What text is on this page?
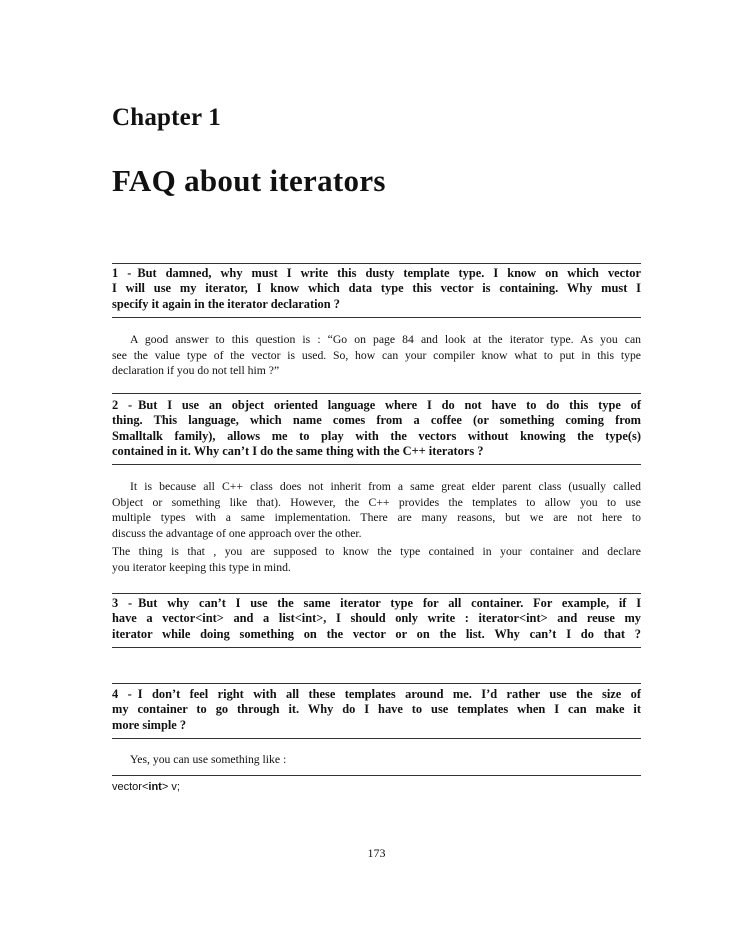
Chapter 1
FAQ about iterators
1 - But damned, why must I write this dusty template type. I know on which vector
I will use my iterator, I know which data type this vector is containing. Why must I
specify it again in the iterator declaration ?
A good answer to this question is : “Go on page 84 and look at the iterator type. As you can
see the value type of the vector is used. So, how can your compiler know what to put in this type
declaration if you do not tell him ?”
2 - But I use an object oriented language where I do not have to do this type of
thing. This language, which name comes from a coffee (or something coming from
Smalltalk family), allows me to play with the vectors without knowing the type(s)
contained in it. Why can’t I do the same thing with the C++ iterators ?
It is because all C++ class does not inherit from a same great elder parent class (usually called
Object or something like that). However, the C++ provides the templates to allow you to use
multiple types with a same implementation. There are many reasons, but we are not here to
discuss the advantage of one approach over the other.
The thing is that , you are supposed to know the type contained in your container and declare
you iterator keeping this type in mind.
3 - But why can’t I use the same iterator type for all container. For example, if I
have a vector<int> and a list<int>, I should only write : iterator<int> and reuse my
iterator while doing something on the vector or on the list. Why can’t I do that ?
4 - I don’t feel right with all these templates around me. I’d rather use the size of
my container to go through it. Why do I have to use templates when I can make it
more simple ?
Yes, you can use something like :
vector<int> v;
173
